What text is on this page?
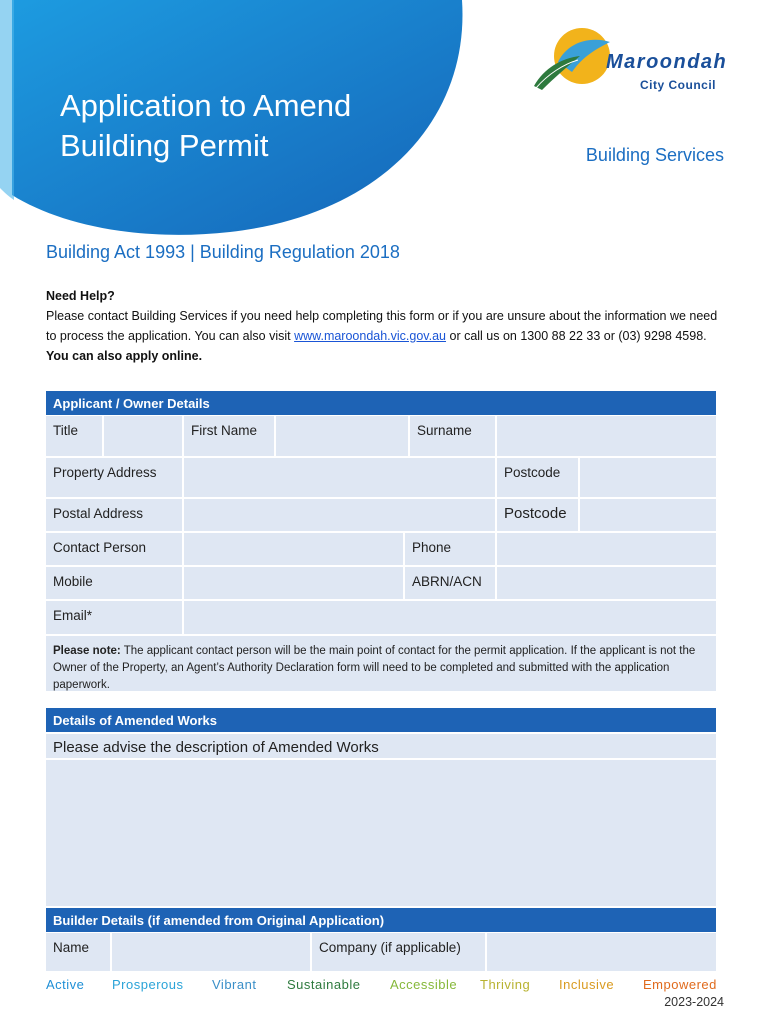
Application to Amend
Building Permit
Maroondah
City Council
Building Services
Building Act 1993 | Building Regulation 2018
Need Help?
Please contact Building Services if you need help completing this form or if you are unsure about the information we need to process the application. You can also visit www.maroondah.vic.gov.au or call us on 1300 88 22 33 or (03) 9298 4598. You can also apply online.
Applicant / Owner Details
Title	First Name	Surname
Property Address	Postcode
Postal Address	Postcode
Contact Person	Phone
Mobile	ABRN/ACN
Email*
Please note: The applicant contact person will be the main point of contact for the permit application. If the applicant is not the Owner of the Property, an Agent’s Authority Declaration form will need to be completed and submitted with the application paperwork.
Details of Amended Works
Please advise the description of Amended Works
Builder Details (if amended from Original Application)
Name	Company (if applicable)
Active Prosperous Vibrant Sustainable Accessible Thriving Inclusive Empowered
2023-2024
